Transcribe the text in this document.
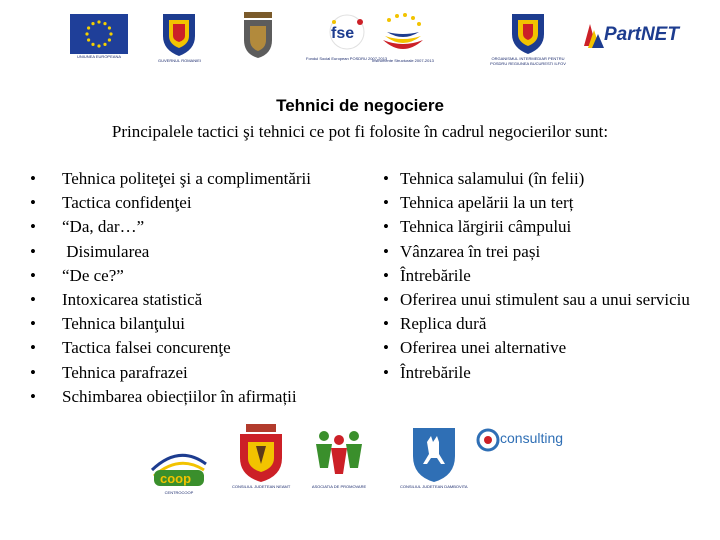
UNIUNEA EUROPEANA
GUVERNUL ROMANIEI
fse
Fondul Social European POSDRU 2007-2013
Instrumente Structurale 2007-2013	ORGANISMUL INTERMEDIAR PENTRU POSDRU REGIUNEA BUCURESTI ILFOV
PartNET
Tehnici de negociere
Principalele tactici şi tehnici ce pot fi folosite în cadrul negocierilor sunt:
• Tehnica politeţei şi a complimentării
• Tactica confidenţei
• “Da, dar…”
•  Disimularea
• “De ce?”
• Intoxicarea statistică
• Tehnica bilanţului
• Tactica falsei concurenţe
• Tehnica parafrazei
• Schimbarea obiecțiilor în afirmații
• Tehnica salamului (în felii)
• Tehnica apelării la un terț
• Tehnica lărgirii câmpului
• Vânzarea în trei pași
• Întrebările
• Oferirea unui stimulent sau a unui serviciu
• Replica dură
• Oferirea unei alternative
• Întrebările
coop
CENTROCOOP
CONSILIUL JUDETEAN NEAMT	ASOCIATIA DE PROMOVARE	CONSILIUL JUDETEAN DAMBOVITA
consulting
